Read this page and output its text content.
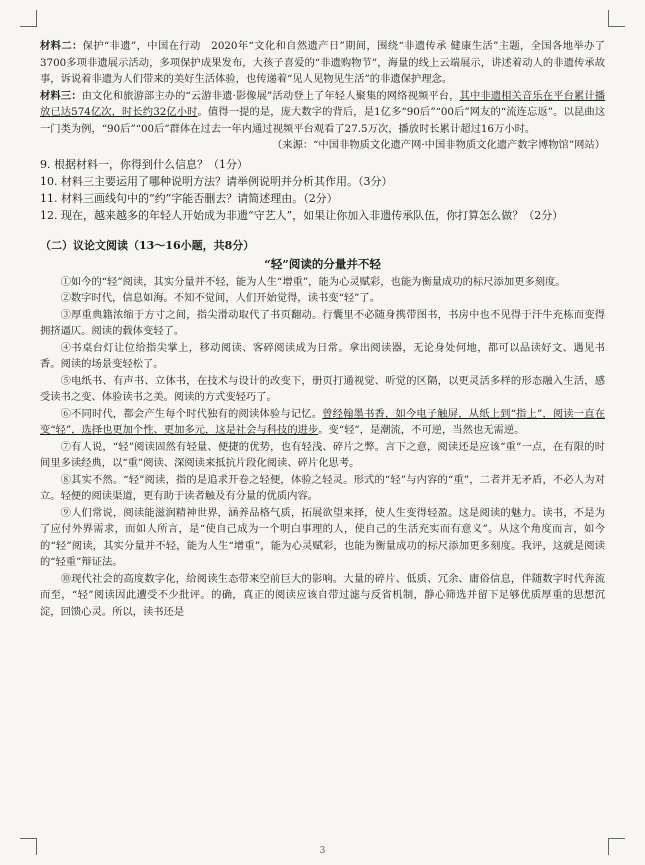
材料二：保护“非遗”，中国在行动　2020年“文化和自然遗产日”期间，围绕“非遗传承 健康生活”主题，全国各地举办了3700多项非遗展示活动，多项保护成果发布，大孩子喜爱的“非遗购物节”，海量的线上云端展示，讲述着动人的非遗传承故事，诉说着非遗为人们带来的美好生活体验，也传递着“见人见物见生活”的非遗保护理念。

材料三：由文化和旅游部主办的“云游非遗·影像展”活动登上了年轻人聚集的网络视频平台，其中非遗相关音乐在平台累计播放已达574亿次，时长约32亿小时。值得一提的是，庞大数字的背后，是1亿多“90后”“00后”网友的“流连忘返”。以昆曲这一门类为例，“90后”“00后”群体在过去一年内通过视频平台观看了27.5万次，播放时长累计超过16万小时。

（来源：“中国非物质文化遗产网·中国非物质文化遗产数字博物馆”网站）

9. 根据材料一，你得到什么信息？（1分）

10. 材料三主要运用了哪种说明方法？请举例说明并分析其作用。（3分）

11. 材料三画线句中的“约”字能否删去？请简述理由。（2分）

12. 现在，越来越多的年轻人开始成为非遗“守艺人”，如果让你加入非遗传承队伍，你打算怎么做？（2分）

（二）议论文阅读（13～16小题，共8分）
“轻”阅读的分量并不轻

①如今的“轻”阅读，其实分量并不轻，能为人生“增重”，能为心灵赋彩，也能为衡量成功的标尺添加更多刻度。

②数字时代，信息如海。不知不觉间，人们开始觉得，读书变“轻”了。

③厚重典籍浓缩于方寸之间，指尖滑动取代了书页翻动。行囊里不必随身携带图书，书房中也不见得于汗牛充栋而变得拥挤逼仄。阅读的载体变轻了。

④书桌台灯让位给指尖掌上，移动阅读、客碎阅读成为日常。拿出阅读器，无论身处何地，都可以品读好文、遇见书香。阅读的场景变轻松了。

⑤电纸书、有声书、立体书，在技术与设计的改变下，册页打通视觉、听觉的区隔，以更灵活多样的形态融入生活，感受读书之变、体验读书之美。阅读的方式变轻巧了。

⑥不同时代，都会产生每个时代独有的阅读体验与记忆。曾经翰墨书香，如今电子触屏，从纸上到“指上”，阅读一直在变“轻”，选择也更加个性、更加多元，这是社会与科技的进步。变“轻”，是潮流，不可逆，当然也无需逆。

⑦有人说，“轻”阅读固然有轻量、便捷的优势，也有轻浅、碎片之弊。言下之意，阅读还是应该“重”一点，在有限的时间里多读经典，以“重”阅读、深阅读来抵抗片段化阅读、碎片化思考。

⑧其实不然。“轻”阅读，指的是追求开卷之轻便，体验之轻灵。形式的“轻”与内容的“重”，二者并无矛盾，不必人为对立。轻便的阅读渠道，更有助于读者触及有分量的优质内容。

⑨人们常说，阅读能滋润精神世界，涵养品格气质，拓展欲望来择，使人生变得轻盈。这是阅读的魅力。读书，不是为了应付外界需求，而如人所言，是“使自己成为一个明白事理的人，使自己的生活充实而有意义”。从这个角度而言，如今的“轻”阅读，其实分量并不轻，能为人生“增重”，能为心灵赋彩，也能为衡量成功的标尺添加更多刻度。我评，这就是阅读的“轻重”辩证法。

⑩现代社会的高度数字化，给阅读生态带来空前巨大的影响。大量的碎片、低质、冗余、庸俗信息，伴随数字时代奔流而至，“轻”阅读因此遭受不少批评。的确，真正的阅读应该自带过滤与反省机制，静心筛选并留下足够优质厚重的思想沉淀，回馈心灵。所以，读书还是

3
